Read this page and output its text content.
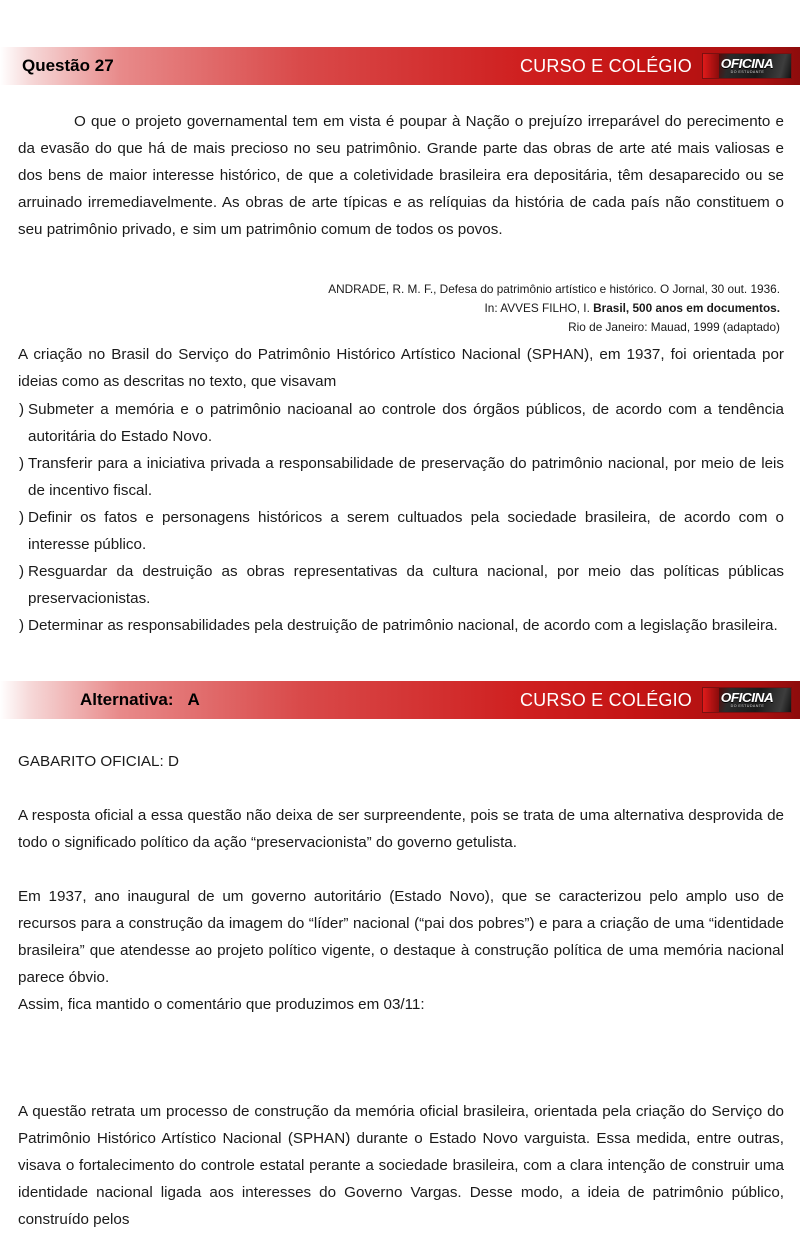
Questão 27	CURSO E COLÉGIO OFICINA
DO ESTUDANTE

O que o projeto governamental tem em vista é poupar à Nação o prejuízo irreparável do perecimento e da evasão do que há de mais precioso no seu patrimônio. Grande parte das obras de arte até mais valiosas e dos bens de maior interesse histórico, de que a coletividade brasileira era depositária, têm desaparecido ou se arruinado irremediavelmente. As obras de arte típicas e as relíquias da história de cada país não constituem o seu patrimônio privado, e sim um patrimônio comum de todos os povos.

ANDRADE, R. M. F., Defesa do patrimônio artístico e histórico. O Jornal, 30 out. 1936.

In: AVVES FILHO, I. Brasil, 500 anos em documentos.

Rio de Janeiro: Mauad, 1999 (adaptado)

A criação no Brasil do Serviço do Patrimônio Histórico Artístico Nacional (SPHAN), em 1937, foi orientada por ideias como as descritas no texto, que visavam

) Submeter a memória e o patrimônio nacioanal ao controle dos órgãos públicos, de acordo com a tendência autoritária do Estado Novo.
) Transferir para a iniciativa privada a responsabilidade de preservação do patrimônio nacional, por meio de leis de incentivo fiscal.
) Definir os fatos e personagens históricos a serem cultuados pela sociedade brasileira, de acordo com o interesse público.
) Resguardar da destruição as obras representativas da cultura nacional, por meio das políticas públicas preservacionistas.
) Determinar as responsabilidades pela destruição de patrimônio nacional, de acordo com a legislação brasileira.
Alternativa: A	CURSO E COLÉGIO OFICINA
DO ESTUDANTE

GABARITO OFICIAL: D

A resposta oficial a essa questão não deixa de ser surpreendente, pois se trata de uma alternativa desprovida de todo o significado político da ação “preservacionista” do governo getulista.

Em 1937, ano inaugural de um governo autoritário (Estado Novo), que se caracterizou pelo amplo uso de recursos para a construção da imagem do “líder” nacional (“pai dos pobres”) e para a criação de uma “identidade brasileira” que atendesse ao projeto político vigente, o destaque à construção política de uma memória nacional parece óbvio.

Assim, fica mantido o comentário que produzimos em 03/11:

A questão retrata um processo de construção da memória oficial brasileira, orientada pela criação do Serviço do Patrimônio Histórico Artístico Nacional (SPHAN) durante o Estado Novo varguista. Essa medida, entre outras, visava o fortalecimento do controle estatal perante a sociedade brasileira, com a clara intenção de construir uma identidade nacional ligada aos interesses do Governo Vargas. Desse modo, a ideia de patrimônio público, construído pelos
